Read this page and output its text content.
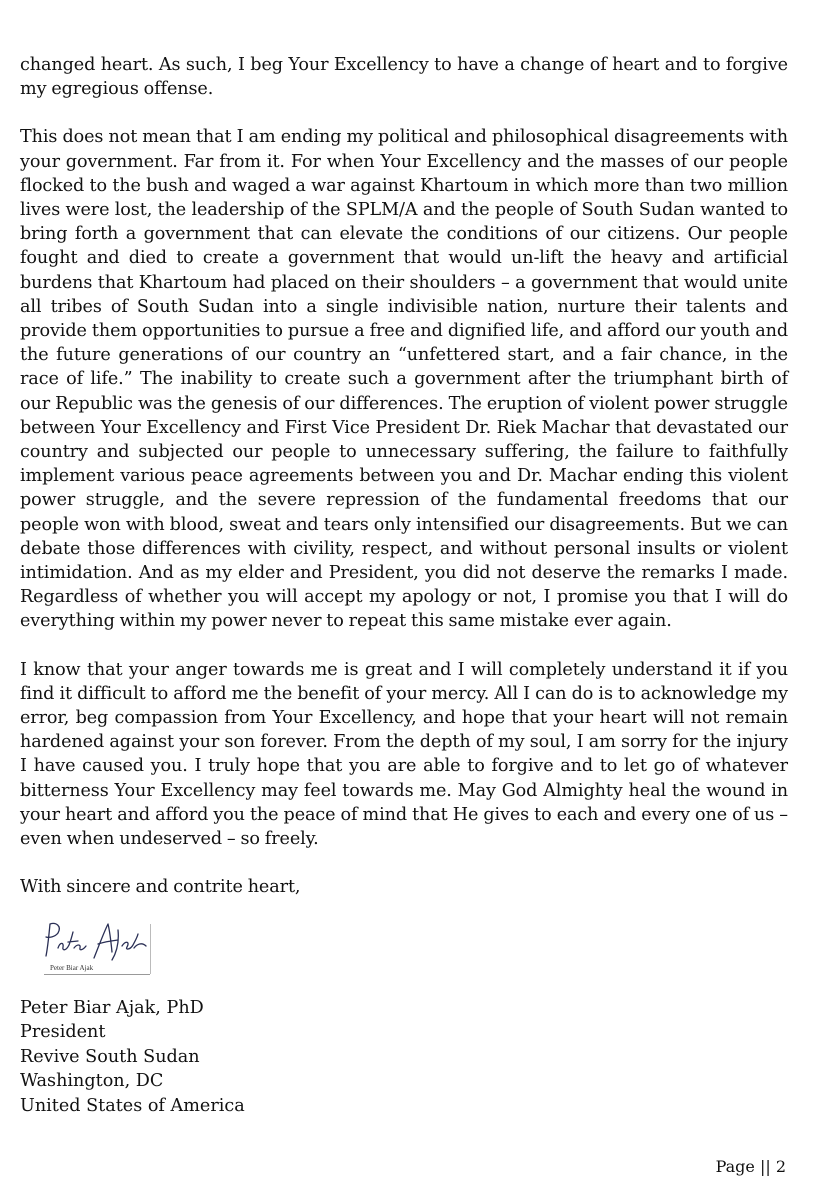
changed heart. As such, I beg Your Excellency to have a change of heart and to forgive my egregious offense.

This does not mean that I am ending my political and philosophical disagreements with your government. Far from it. For when Your Excellency and the masses of our people flocked to the bush and waged a war against Khartoum in which more than two million lives were lost, the leadership of the SPLM/A and the people of South Sudan wanted to bring forth a government that can elevate the conditions of our citizens. Our people fought and died to create a government that would un-lift the heavy and artificial burdens that Khartoum had placed on their shoulders – a government that would unite all tribes of South Sudan into a single indivisible nation, nurture their talents and provide them opportunities to pursue a free and dignified life, and afford our youth and the future generations of our country an “unfettered start, and a fair chance, in the race of life.” The inability to create such a government after the triumphant birth of our Republic was the genesis of our differences. The eruption of violent power struggle between Your Excellency and First Vice President Dr. Riek Machar that devastated our country and subjected our people to unnecessary suffering, the failure to faithfully implement various peace agreements between you and Dr. Machar ending this violent power struggle, and the severe repression of the fundamental freedoms that our people won with blood, sweat and tears only intensified our disagreements. But we can debate those differences with civility, respect, and without personal insults or violent intimidation. And as my elder and President, you did not deserve the remarks I made. Regardless of whether you will accept my apology or not, I promise you that I will do everything within my power never to repeat this same mistake ever again.

I know that your anger towards me is great and I will completely understand it if you find it difficult to afford me the benefit of your mercy. All I can do is to acknowledge my error, beg compassion from Your Excellency, and hope that your heart will not remain hardened against your son forever. From the depth of my soul, I am sorry for the injury I have caused you. I truly hope that you are able to forgive and to let go of whatever bitterness Your Excellency may feel towards me. May God Almighty heal the wound in your heart and afford you the peace of mind that He gives to each and every one of us – even when undeserved – so freely.

With sincere and contrite heart,

Peter Biar Ajak
Peter Biar Ajak, PhD
President
Revive South Sudan
Washington, DC
United States of America
Page || 2
